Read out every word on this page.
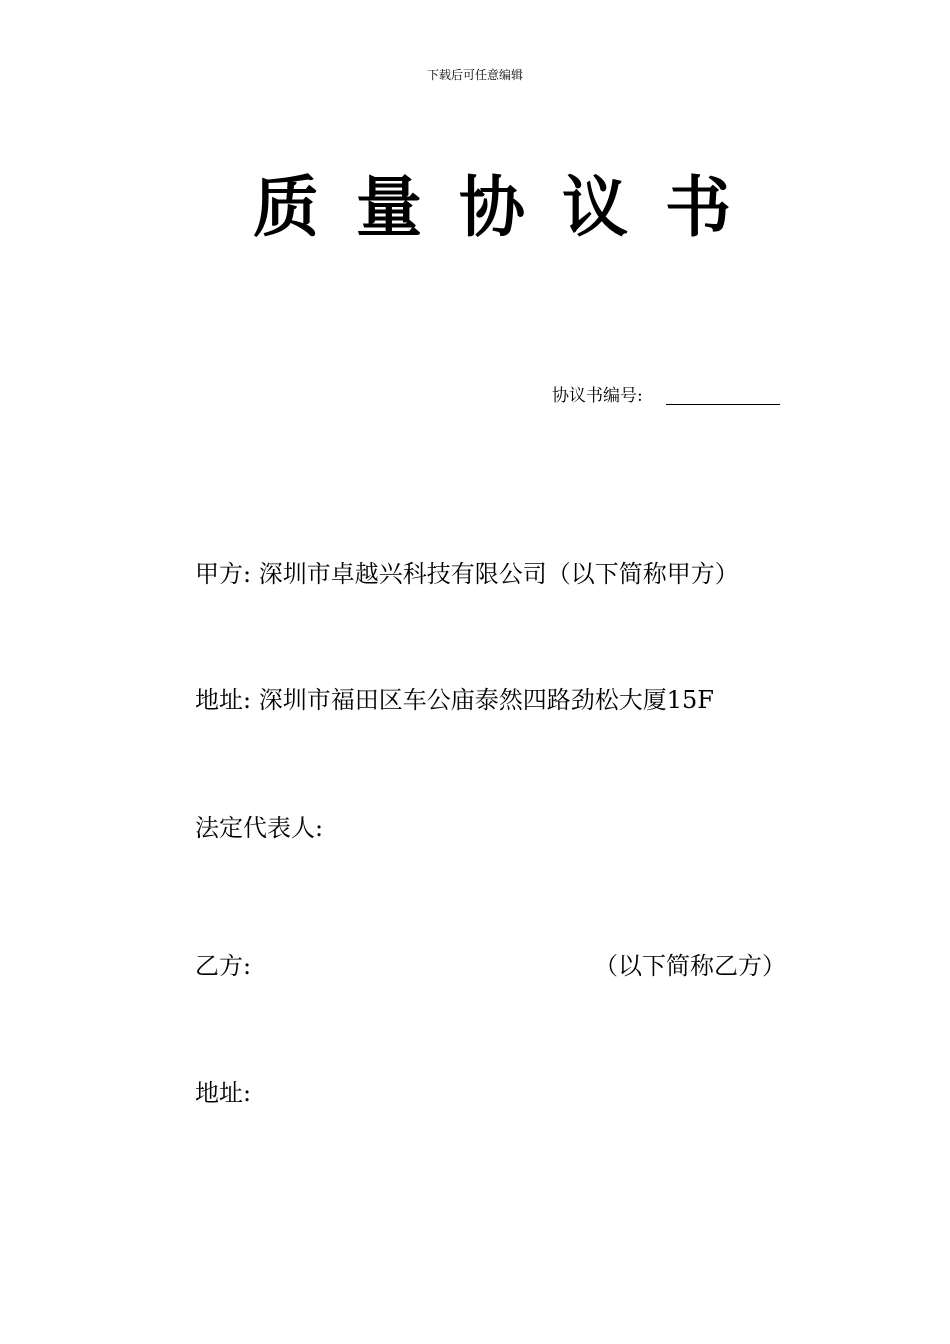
下载后可任意编辑
质 量 协 议 书
协议书编号:
甲方: 深圳市卓越兴科技有限公司（以下简称甲方）
地址: 深圳市福田区车公庙泰然四路劲松大厦15F
法定代表人:
乙方:	（以下简称乙方）
地址:
